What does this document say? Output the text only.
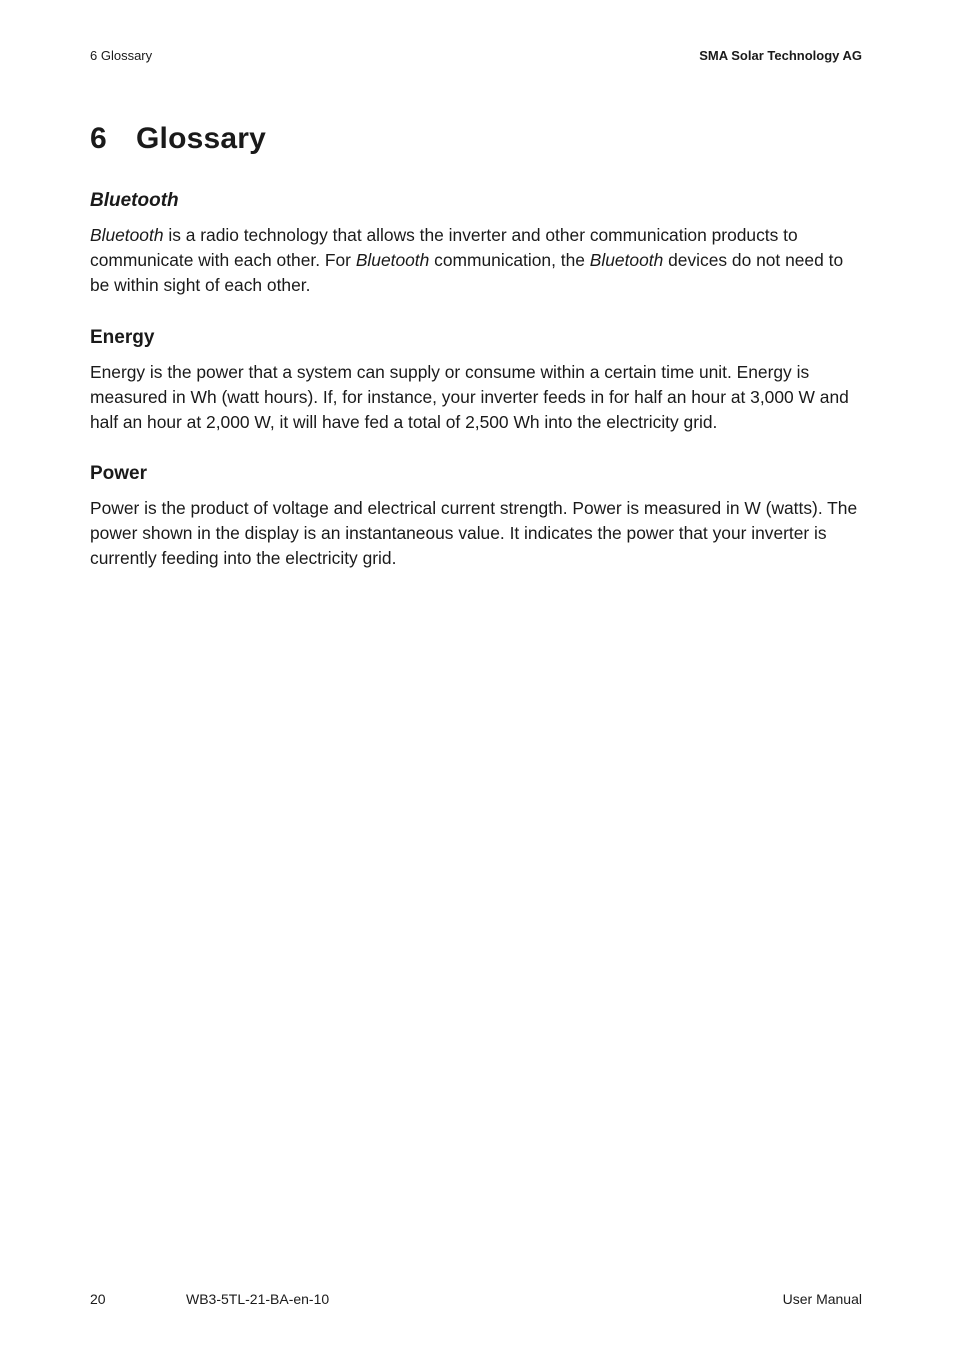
6 Glossary	SMA Solar Technology AG
6 Glossary
Bluetooth

Bluetooth is a radio technology that allows the inverter and other communication products to communicate with each other. For Bluetooth communication, the Bluetooth devices do not need to be within sight of each other.

Energy

Energy is the power that a system can supply or consume within a certain time unit. Energy is measured in Wh (watt hours). If, for instance, your inverter feeds in for half an hour at 3,000 W and half an hour at 2,000 W, it will have fed a total of 2,500 Wh into the electricity grid.

Power

Power is the product of voltage and electrical current strength. Power is measured in W (watts). The power shown in the display is an instantaneous value. It indicates the power that your inverter is currently feeding into the electricity grid.

20	WB3-5TL-21-BA-en-10	User Manual
